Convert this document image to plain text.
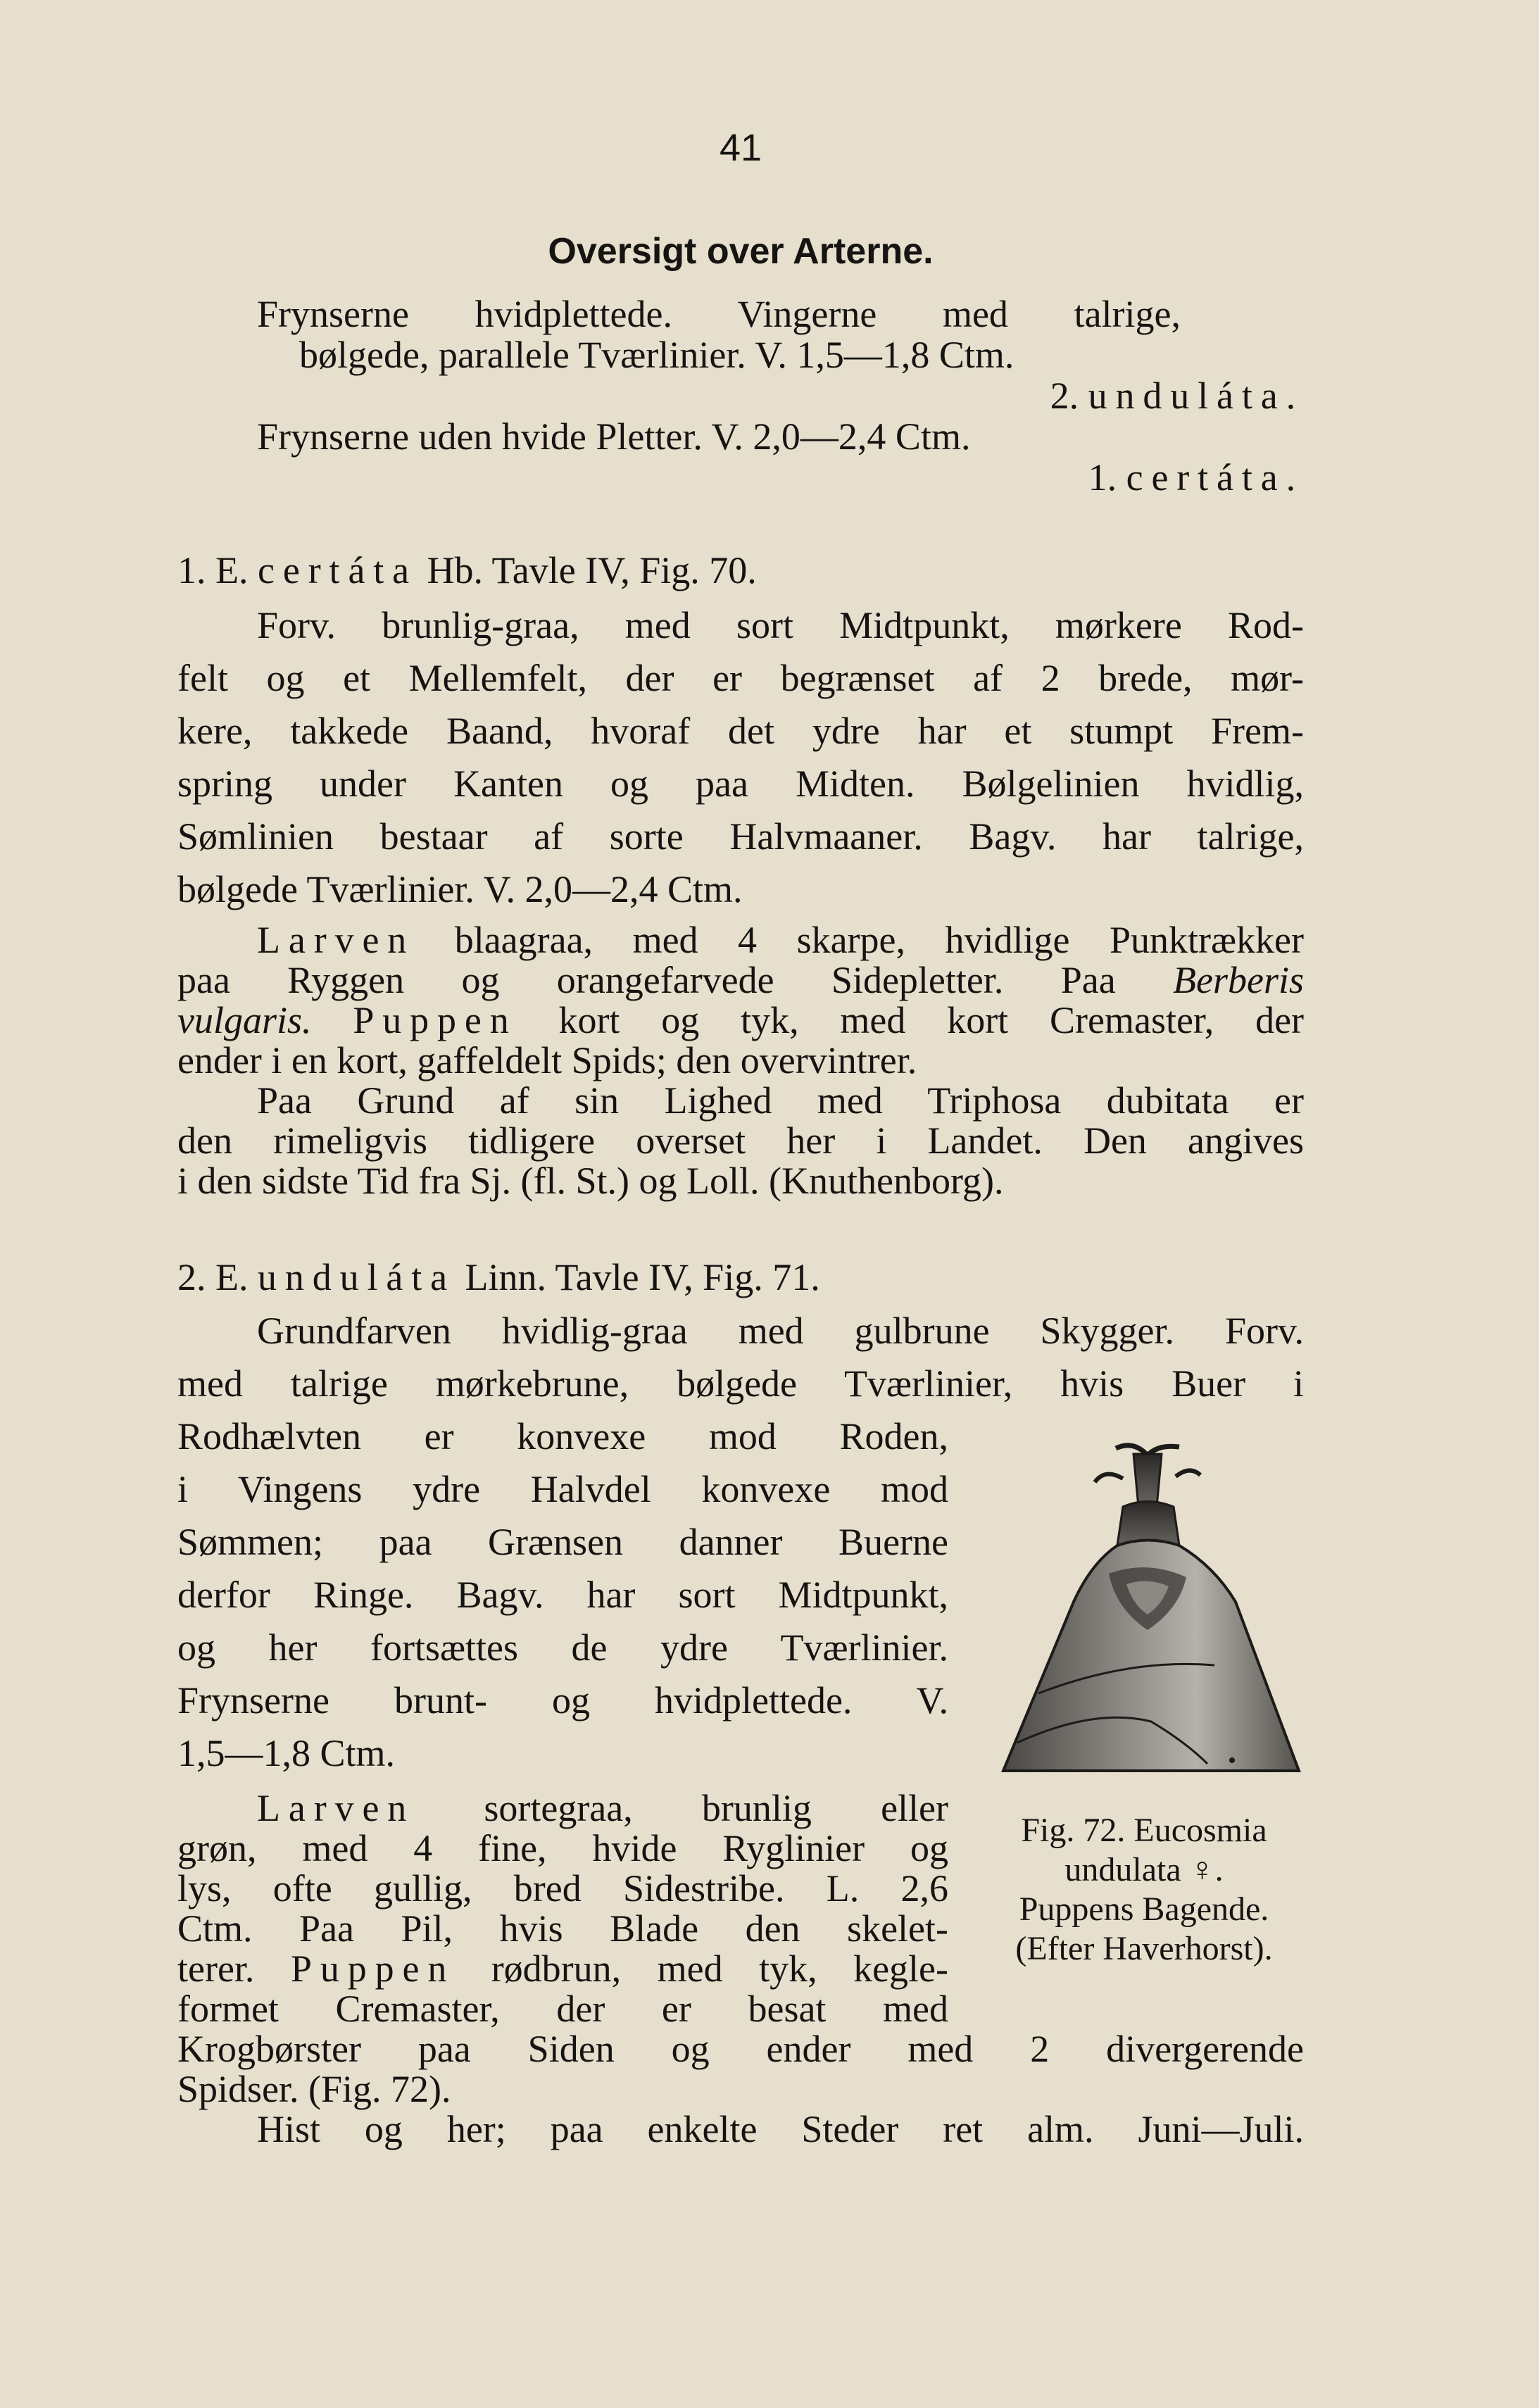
41
Oversigt over Arterne.
Frynserne hvidplettede. Vingerne med talrige,
bølgede, parallele Tværlinier. V. 1,5—1,8 Ctm.
2. unduláta.
Frynserne uden hvide Pletter. V. 2,0—2,4 Ctm.
1. certáta.
1. E. certáta Hb. Tavle IV, Fig. 70.
Forv. brunlig-graa, med sort Midtpunkt, mørkere Rod-
felt og et Mellemfelt, der er begrænset af 2 brede, mør-
kere, takkede Baand, hvoraf det ydre har et stumpt Frem-
spring under Kanten og paa Midten. Bølgelinien hvidlig,
Sømlinien bestaar af sorte Halvmaaner. Bagv. har talrige,
bølgede Tværlinier. V. 2,0—2,4 Ctm.
Larven blaagraa, med 4 skarpe, hvidlige Punktrækker
paa Ryggen og orangefarvede Sidepletter. Paa Berberis
vulgaris. Puppen kort og tyk, med kort Cremaster, der
ender i en kort, gaffeldelt Spids; den overvintrer.
Paa Grund af sin Lighed med Triphosa dubitata er
den rimeligvis tidligere overset her i Landet. Den angives
i den sidste Tid fra Sj. (fl. St.) og Loll. (Knuthenborg).
2. E. unduláta Linn. Tavle IV, Fig. 71.
Grundfarven hvidlig-graa med gulbrune Skygger. Forv.
med talrige mørkebrune, bølgede Tværlinier, hvis Buer i
Rodhælvten er konvexe mod Roden,
i Vingens ydre Halvdel konvexe mod
Sømmen; paa Grænsen danner Buerne
derfor Ringe. Bagv. har sort Midtpunkt,
og her fortsættes de ydre Tværlinier.
Frynserne brunt- og hvidplettede. V.
1,5—1,8 Ctm.
Larven sortegraa, brunlig eller
grøn, med 4 fine, hvide Ryglinier og
lys, ofte gullig, bred Sidestribe. L. 2,6
Ctm. Paa Pil, hvis Blade den skelet-
terer. Puppen rødbrun, med tyk, kegle-
formet Cremaster, der er besat med
Krogbørster paa Siden og ender med 2 divergerende
Spidser. (Fig. 72).
Hist og her; paa enkelte Steder ret alm. Juni—Juli.
Fig. 72. Eucosmia
undulata ♀.
Puppens Bagende.
(Efter Haverhorst).
